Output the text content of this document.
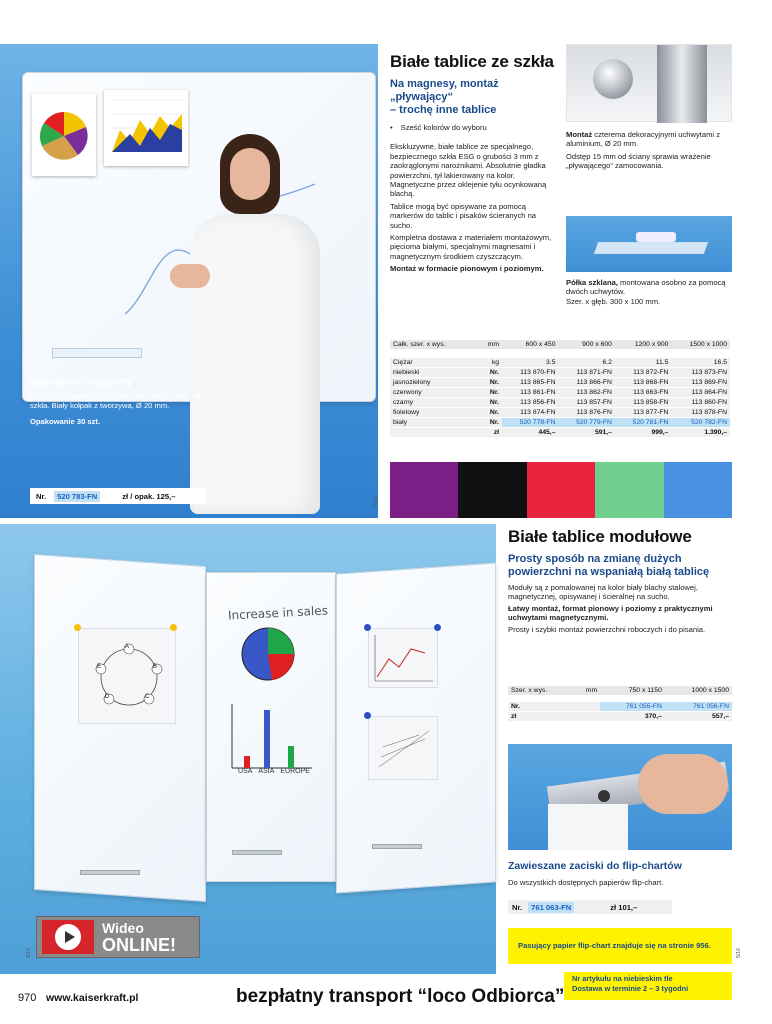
Specjalne magnesy
Duża przyczepność, specjalnie do białych tablic ze szkła. Biały kołpak z tworzywa, Ø 20 mm.
Opakowanie 30 szt.
Nr.	520 783-FN	zł / opak. 125,–
Białe tablice ze szkła
Na magnesy, montaż „pływający“
– trochę inne tablice
• Sześć kolorów do wyboru
Ekskluzywne, białe tablice ze specjalnego, bezpiecznego szkła ESG o grubości 3 mm z zaokrąglonymi narożnikami. Absolutnie gładka powierzchni, tył lakierowany na kolor. Magnetyczne przez oklejenie tyłu ocynkowaną blachą.
Tablice mogą być opisywane za pomocą markerów do tablic i pisaków ścieranych na sucho.
Kompletna dostawa z materiałem montażowym, pięcioma białymi, specjalnymi magnesami i magnetycznym środkiem czyszczącym.
Montaż w formacie pionowym i poziomym.
Montaż czterema dekoracyjnymi uchwytami z aluminium, Ø 20 mm.
Odstęp 15 mm od ściany sprawia wrażenie „pływającego“ zamocowania.
Półka szklana, montowana osobno za pomocą dwóch uchwytów.
Szer. x głęb. 300 x 100 mm.
Całk. szer. x wys.	mm	600 x 450	900 x 600	1200 x 900	1500 x 1000

Ciężar	kg	3.5	6.2	11.5	16.5
niebieski	Nr.	113 870-FN	113 871-FN	113 872-FN	113 873-FN
jasnozielony	Nr.	113 865-FN	113 866-FN	113 868-FN	113 869-FN
czerwony	Nr.	113 861-FN	113 862-FN	113 863-FN	113 864-FN
czarny	Nr.	113 856-FN	113 857-FN	113 858-FN	113 860-FN
fioletowy	Nr.	113 874-FN	113 876-FN	113 877-FN	113 878-FN
biały	Nr.	520 778-FN	520 779-FN	520 781-FN	520 782-FN
	zł	445,–	591,–	999,–	1.390,–
A
B
C
D
E
Increase in sales
USA ASIA EUROPE
Wideo
ONLINE!
5/16
Białe tablice modułowe
Prosty sposób na zmianę dużych
powierzchni na wspaniałą białą tablicę
Moduły są z pomalowanej na kolor biały blachy stalowej, magnetycznej, opisywanej i ścieralnej na sucho.
Łatwy montaż, format pionowy i poziomy z praktycznymi uchwytami magnetycznymi.
Prosty i szybki montaż powierzchni roboczych i do pisania.
Szer. x wys.	mm	750 x 1150	1000 x 1500

Nr.		761 055-FN	761 056-FN
zł		370,–	557,–
Zawieszane zaciski do flip-chartów
Do wszystkich dostępnych papierów flip-chart.
Nr.	761 063-FN	zł 101,–
Pasujący papier flip-chart znajduje się na stronie 956.
5/16
5/16
970 www.kaiserkraft.pl	bezpłatny transport “loco Odbiorca”
Nr artykułu na niebieskim tle
Dostawa w terminie 2 – 3 tygodni
